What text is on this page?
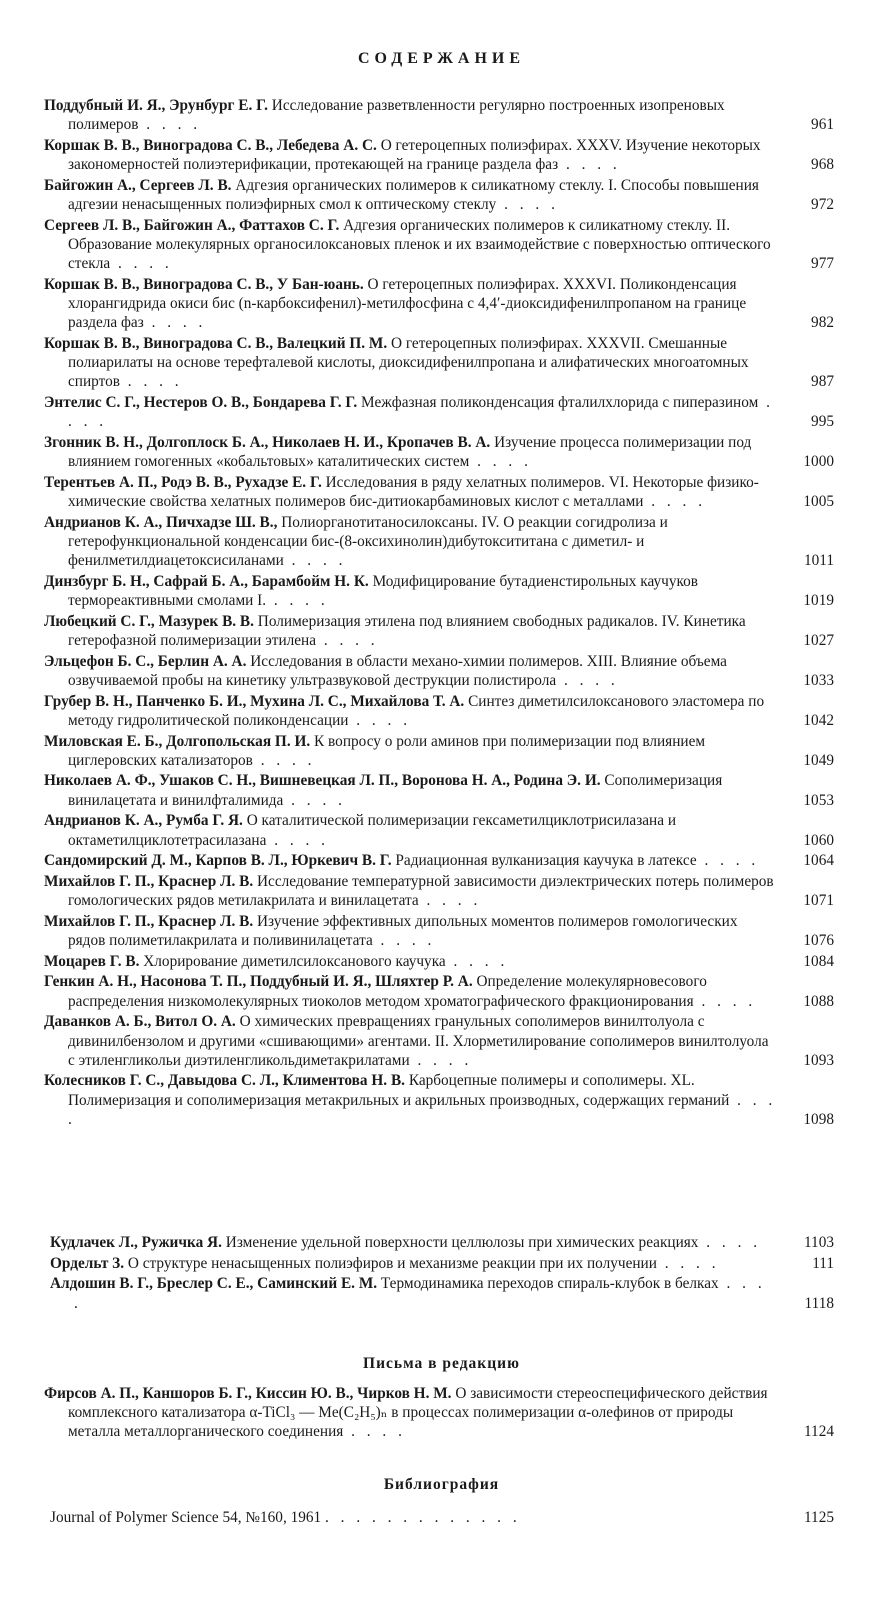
СОДЕРЖАНИЕ
Поддубный И. Я., Эрунбург Е. Г. Исследование разветвленности регулярно построенных изопреновых полимеров . . . .	961
Коршак В. В., Виноградова С. В., Лебедева А. С. О гетероцепных полиэфирах. XXXV. Изучение некоторых закономерностей полиэтерификации, протекающей на границе раздела фаз . . . .	968
Байгожин А., Сергеев Л. В. Адгезия органических полимеров к силикатному стеклу. I. Способы повышения адгезии ненасыщенных полиэфирных смол к оптическому стеклу . . . .	972
Сергеев Л. В., Байгожин А., Фаттахов С. Г. Адгезия органических полимеров к силикатному стеклу. II. Образование молекулярных органосилоксановых пленок и их взаимодействие с поверхностью оптического стекла . . . .	977
Коршак В. В., Виноградова С. В., У Бан-юань. О гетероцепных полиэфирах. XXXVI. Поликонденсация хлорангидрида окиси бис (n-карбоксифенил)-метилфосфина с 4,4′-диоксидифенилпропаном на границе раздела фаз . . . .	982
Коршак В. В., Виноградова С. В., Валецкий П. М. О гетероцепных полиэфирах. XXXVII. Смешанные полиарилаты на основе терефталевой кислоты, диоксидифенилпропана и алифатических многоатомных спиртов . . . .	987
Энтелис С. Г., Нестеров О. В., Бондарева Г. Г. Межфазная поликонденсация фталилхлорида с пиперазином . . . .	995
Згонник В. Н., Долгоплоск Б. А., Николаев Н. И., Кропачев В. А. Изучение процесса полимеризации под влиянием гомогенных «кобальтовых» каталитических систем . . . .	1000
Терентьев А. П., Родэ В. В., Рухадзе Е. Г. Исследования в ряду хелатных полимеров. VI. Некоторые физико-химические свойства хелатных полимеров бис-дитиокарбаминовых кислот с металлами . . . .	1005
Андрианов К. А., Пичхадзе Ш. В., Полиорганотитаносилоксаны. IV. О реакции согидролиза и гетерофункциональной конденсации бис-(8-оксихинолин)дибутоксититана с диметил- и фенилметилдиацетоксисиланами . . . .	1011
Динзбург Б. Н., Сафрай Б. А., Барамбойм Н. К. Модифицирование бутадиенстирольных каучуков термореактивными смолами I. . . . .	1019
Любецкий С. Г., Мазурек В. В. Полимеризация этилена под влиянием свободных радикалов. IV. Кинетика гетерофазной полимеризации этилена . . . .	1027
Эльцефон Б. С., Берлин А. А. Исследования в области механо-химии полимеров. XIII. Влияние объема озвучиваемой пробы на кинетику ультразвуковой деструкции полистирола . . . .	1033
Грубер В. Н., Панченко Б. И., Мухина Л. С., Михайлова Т. А. Синтез диметилсилоксанового эластомера по методу гидролитической поликонденсации . . . .	1042
Миловская Е. Б., Долгопольская П. И. К вопросу о роли аминов при полимеризации под влиянием циглеровских катализаторов . . . .	1049
Николаев А. Ф., Ушаков С. Н., Вишневецкая Л. П., Воронова Н. А., Родина Э. И. Сополимеризация винилацетата и винилфталимида . . . .	1053
Андрианов К. А., Румба Г. Я. О каталитической полимеризации гексаметилциклотрисилазана и октаметилциклотетрасилазана . . . .	1060
Сандомирский Д. М., Карпов В. Л., Юркевич В. Г. Радиационная вулканизация каучука в латексе . . . .	1064
Михайлов Г. П., Краснер Л. В. Исследование температурной зависимости диэлектрических потерь полимеров гомологических рядов метилакрилата и винилацетата . . . .	1071
Михайлов Г. П., Краснер Л. В. Изучение эффективных дипольных моментов полимеров гомологических рядов полиметилакрилата и поливинилацетата . . . .	1076
Моцарев Г. В. Хлорирование диметилсилоксанового каучука . . . .	1084
Генкин А. Н., Насонова Т. П., Поддубный И. Я., Шляхтер Р. А. Определение молекулярновесового распределения низкомолекулярных тиоколов методом хроматографического фракционирования . . . .	1088
Даванков А. Б., Витол О. А. О химических превращениях гранульных сополимеров винилтолуола с дивинилбензолом и другими «сшивающими» агентами. II. Хлорметилирование сополимеров винилтолуола с этиленгликольи диэтиленгликольдиметакрилатами . . . .	1093
Колесников Г. С., Давыдова С. Л., Климентова Н. В. Карбоцепные полимеры и сополимеры. XL. Полимеризация и сополимеризация метакрильных и акрильных производных, содержащих германий . . . .	1098
Кудлачек Л., Ружичка Я. Изменение удельной поверхности целлюлозы при химических реакциях . . . .	1103
Ордельт З. О структуре ненасыщенных полиэфиров и механизме реакции при их получении . . . .	111
Алдошин В. Г., Бреслер С. Е., Саминский Е. М. Термодинамика переходов спираль-клубок в белках . . . .	1118
Письма в редакцию
Фирсов А. П., Каншоров Б. Г., Киссин Ю. В., Чирков Н. М. О зависимости стереоспецифического действия комплексного катализатора α-TiCl₃ — Me(C₂H₅)ₙ в процессах полимеризации α-олефинов от природы металла металлорганического соединения . . . .	1124
Библиография
Journal of Polymer Science 54, №160, 1961 . . . . . . . . . . . . .	1125
